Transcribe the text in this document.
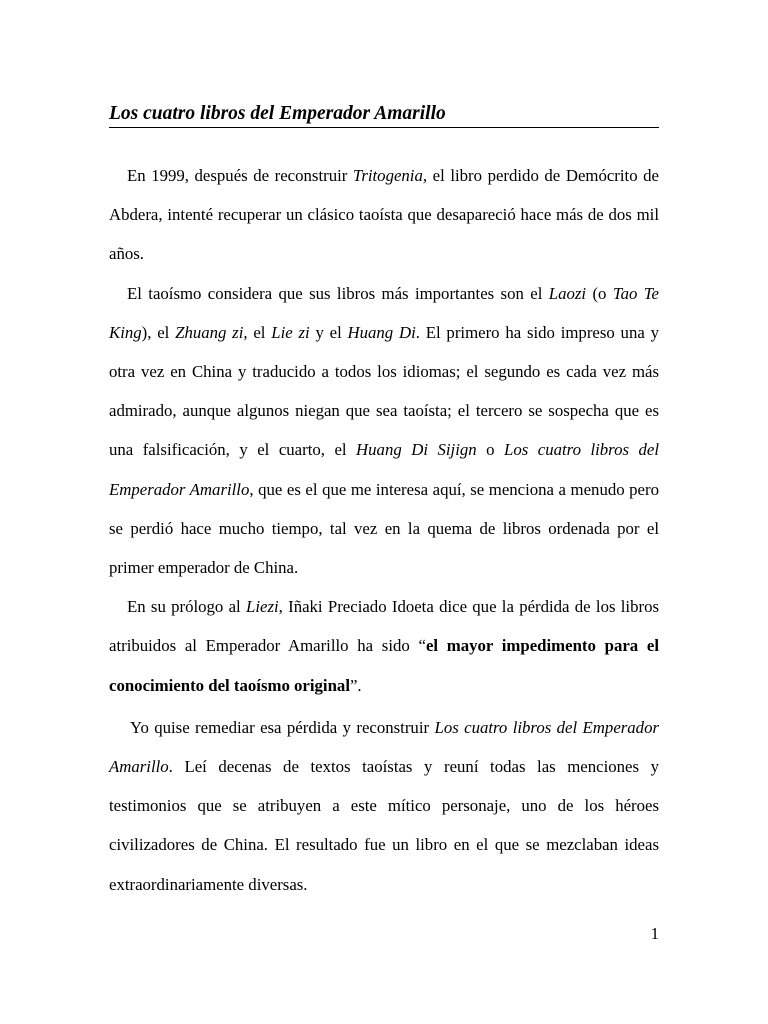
Los cuatro libros del Emperador Amarillo

En 1999, después de reconstruir Tritogenia, el libro perdido de Demócrito de Abdera, intenté recuperar un clásico taoísta que desapareció hace más de dos mil años.

El taoísmo considera que sus libros más importantes son el Laozi (o Tao Te King), el Zhuang zi, el Lie zi y el Huang Di. El primero ha sido impreso una y otra vez en China y traducido a todos los idiomas; el segundo es cada vez más admirado, aunque algunos niegan que sea taoísta; el tercero se sospecha que es una falsificación, y el cuarto, el Huang Di Sijign o Los cuatro libros del Emperador Amarillo, que es el que me interesa aquí, se menciona a menudo pero se perdió hace mucho tiempo, tal vez en la quema de libros ordenada por el primer emperador de China.

En su prólogo al Liezi, Iñaki Preciado Idoeta dice que la pérdida de los libros atribuidos al Emperador Amarillo ha sido “el mayor impedimento para el conocimiento del taoísmo original”.

Yo quise remediar esa pérdida y reconstruir Los cuatro libros del Emperador Amarillo. Leí decenas de textos taoístas y reuní todas las menciones y testimonios que se atribuyen a este mítico personaje, uno de los héroes civilizadores de China. El resultado fue un libro en el que se mezclaban ideas extraordinariamente diversas.

1
